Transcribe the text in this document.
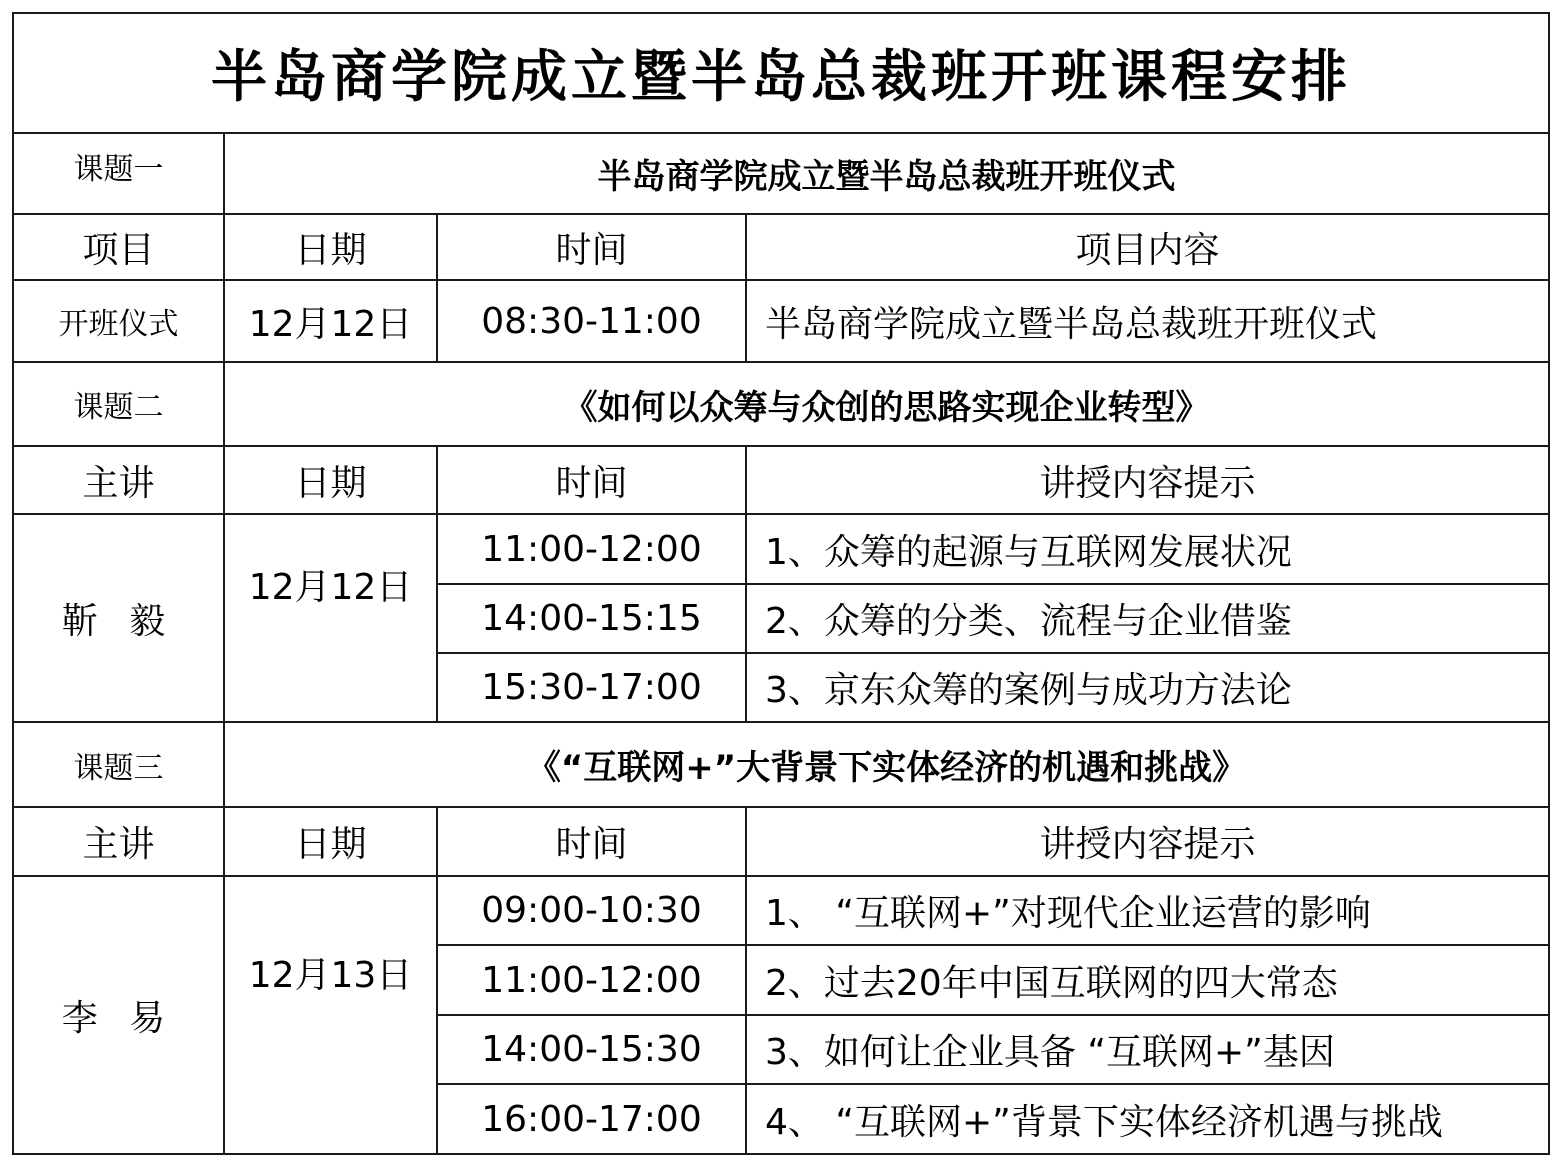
半岛商学院成立暨半岛总裁班开班课程安排			
课题一	半岛商学院成立暨半岛总裁班开班仪式		
项目	日期	时间	项目内容
开班仪式	12月12日	08:30-11:00	半岛商学院成立暨半岛总裁班开班仪式
课题二	《如何以众筹与众创的思路实现企业转型》		
主讲	日期	时间	讲授内容提示
靳 毅	12月12日	11:00-12:00	1、众筹的起源与互联网发展状况
		14:00-15:15	2、众筹的分类、流程与企业借鉴
		15:30-17:00	3、京东众筹的案例与成功方法论
课题三	《“互联网+”大背景下实体经济的机遇和挑战》		
主讲	日期	时间	讲授内容提示
李 易	12月13日	09:00-10:30	1、 “互联网+”对现代企业运营的影响
		11:00-12:00	2、过去20年中国互联网的四大常态
		14:00-15:30	3、如何让企业具备 “互联网+”基因
		16:00-17:00	4、 “互联网+”背景下实体经济机遇与挑战
